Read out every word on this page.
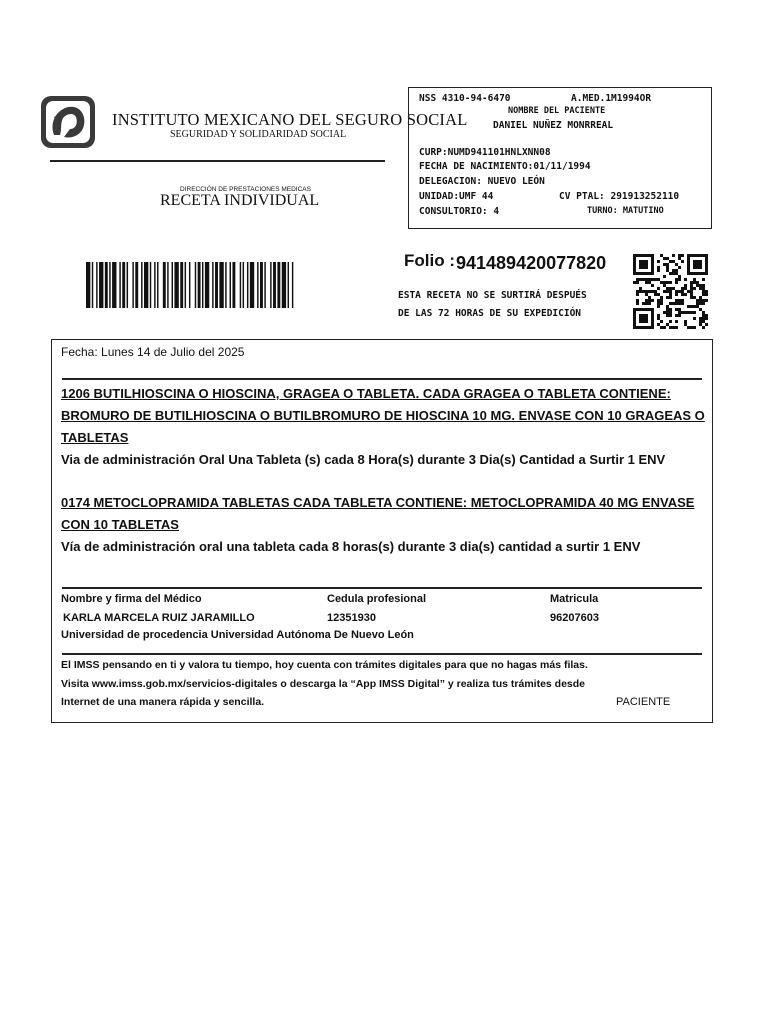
INSTITUTO MEXICANO DEL SEGURO SOCIAL
SEGURIDAD Y SOLIDARIDAD SOCIAL
DIRECCIÓN DE PRESTACIONES MEDICAS
RECETA INDIVIDUAL
NSS 4310-94-6470	A.MED.1M1994OR
NOMBRE DEL PACIENTE
DANIEL NUÑEZ MONRREAL
CURP:NUMD941101HNLXNN08
FECHA DE NACIMIENTO:01/11/1994
DELEGACION: NUEVO LEÓN
UNIDAD:UMF 44	CV PTAL: 291913252110
CONSULTORIO: 4	TURNO: MATUTINO
Folio : 941489420077820
ESTA RECETA NO SE SURTIRÁ DESPUÉS
DE LAS 72 HORAS DE SU EXPEDICIÓN
Fecha: Lunes 14 de Julio del 2025
1206 BUTILHIOSCINA O HIOSCINA, GRAGEA O TABLETA. CADA GRAGEA O TABLETA CONTIENE:
BROMURO DE BUTILHIOSCINA O BUTILBROMURO DE HIOSCINA 10 MG. ENVASE CON 10 GRAGEAS O
TABLETAS
Via de administración Oral Una Tableta (s) cada 8 Hora(s) durante 3 Dia(s) Cantidad a Surtir 1 ENV
0174 METOCLOPRAMIDA TABLETAS CADA TABLETA CONTIENE: METOCLOPRAMIDA 40 MG ENVASE
CON 10 TABLETAS
Vía de administración oral una tableta cada 8 horas(s) durante 3 dia(s) cantidad a surtir 1 ENV
Nombre y firma del Médico	Cedula profesional	Matricula
KARLA MARCELA RUIZ JARAMILLO	12351930	96207603
Universidad de procedencia Universidad Autónoma De Nuevo León
El IMSS pensando en ti y valora tu tiempo, hoy cuenta con trámites digitales para que no hagas más filas.
Visita www.imss.gob.mx/servicios-digitales o descarga la “App IMSS Digital” y realiza tus trámites desde
Internet de una manera rápida y sencilla.	PACIENTE
